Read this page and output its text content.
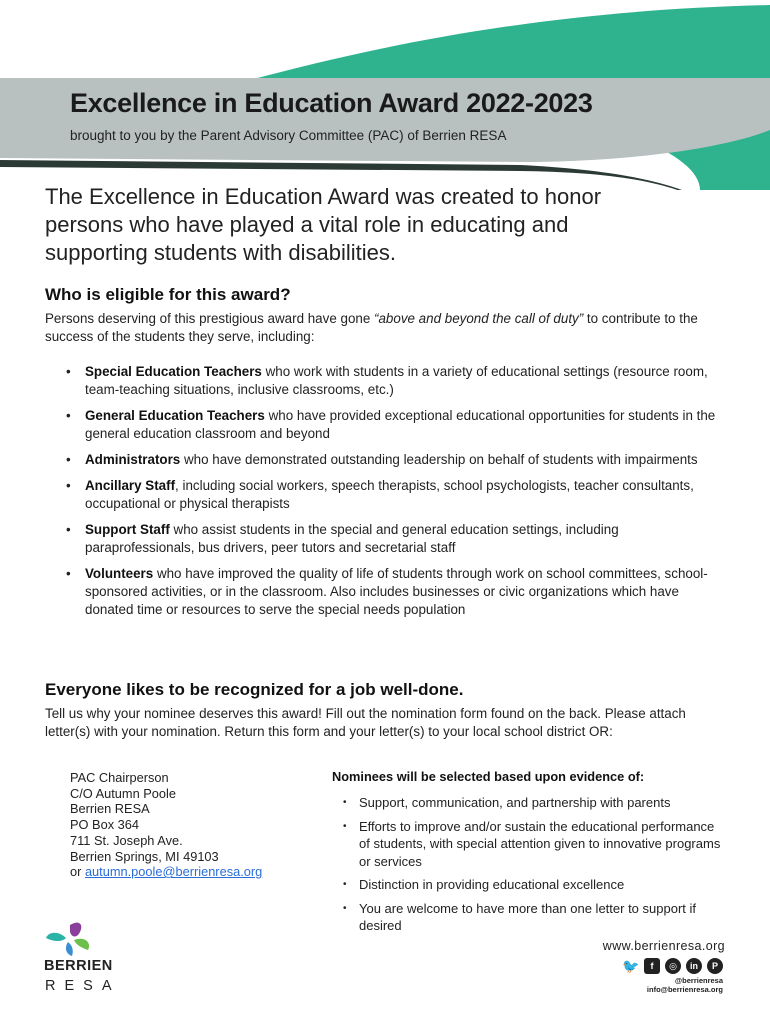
Excellence in Education Award 2022-2023

brought to you by the Parent Advisory Committee (PAC) of Berrien RESA

The Excellence in Education Award was created to honor persons who have played a vital role in educating and supporting students with disabilities.

Who is eligible for this award?

Persons deserving of this prestigious award have gone “above and beyond the call of duty” to contribute to the success of the students they serve, including:

• Special Education Teachers who work with students in a variety of educational settings (resource room, team-teaching situations, inclusive classrooms, etc.)
• General Education Teachers who have provided exceptional educational opportunities for students in the general education classroom and beyond
• Administrators who have demonstrated outstanding leadership on behalf of students with impairments
• Ancillary Staff, including social workers, speech therapists, school psychologists, teacher consultants, occupational or physical therapists
• Support Staff who assist students in the special and general education settings, including paraprofessionals, bus drivers, peer tutors and secretarial staff
• Volunteers who have improved the quality of life of students through work on school committees, school-sponsored activities, or in the classroom. Also includes businesses or civic organizations which have donated time or resources to serve the special needs population
Everyone likes to be recognized for a job well-done.

Tell us why your nominee deserves this award! Fill out the nomination form found on the back. Please attach letter(s) with your nomination. Return this form and your letter(s) to your local school district OR:

PAC Chairperson
C/O Autumn Poole
Berrien RESA
PO Box 364
711 St. Joseph Ave.
Berrien Springs, MI 49103
or autumn.poole@berrienresa.org

Nominees will be selected based upon evidence of:

• Support, communication, and partnership with parents
• Efforts to improve and/or sustain the educational performance of students, with special attention given to innovative programs or services
• Distinction in providing educational excellence
• You are welcome to have more than one letter to support if desired

BERRIEN

RESA

www.berrienresa.org

🐦	f	◎	in	P

@berrienresa

info@berrienresa.org
